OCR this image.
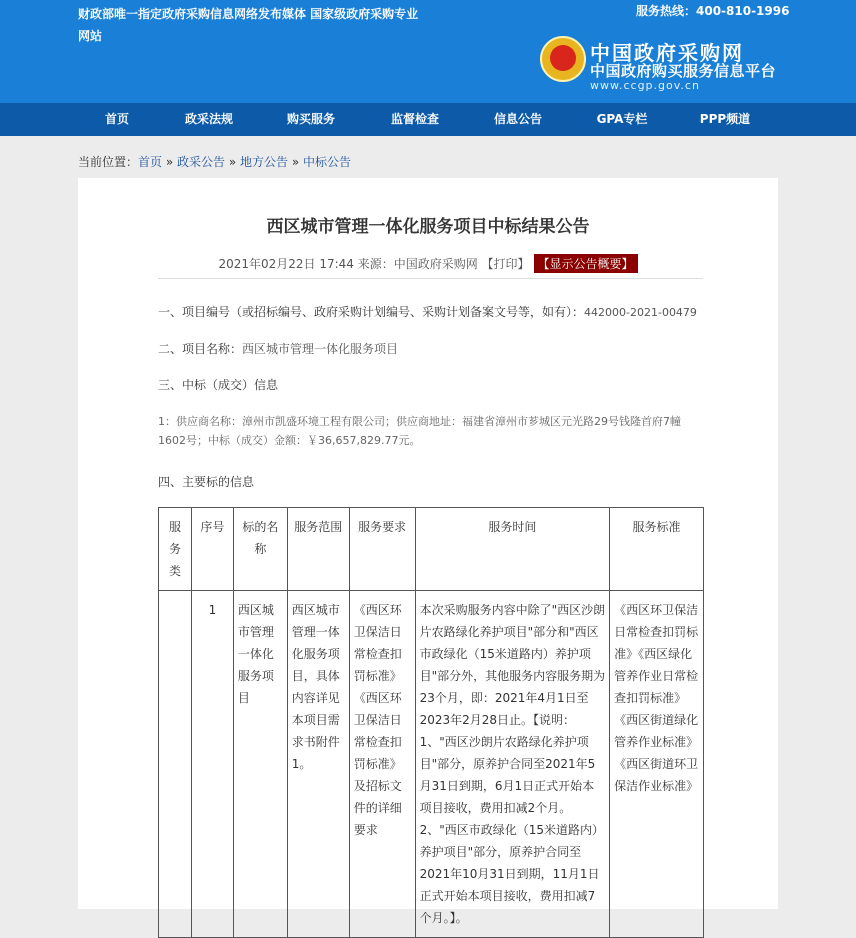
财政部唯一指定政府采购信息网络发布媒体 国家级政府采购专业网站
服务热线：400-810-1996
中国政府采购网
中国政府购买服务信息平台
www.ccgp.gov.cn
首页	政采法规	购买服务	监督检查	信息公告	GPA专栏	PPP频道
当前位置：首页 » 政采公告 » 地方公告 » 中标公告
西区城市管理一体化服务项目中标结果公告
2021年02月22日 17:44 来源：中国政府采购网 【打印】 【显示公告概要】
一、项目编号（或招标编号、政府采购计划编号、采购计划备案文号等，如有）：442000-2021-00479
二、项目名称：西区城市管理一体化服务项目
三、中标（成交）信息
1：供应商名称：漳州市凯盛环境工程有限公司；供应商地址：福建省漳州市芗城区元光路29号钱隆首府7幢1602号；中标（成交）金额：￥36,657,829.77元。
四、主要标的信息
服务类	序号	标的名称	服务范围	服务要求	服务时间	服务标准
	1	西区城市管理一体化服务项目	西区城市管理一体化服务项目，具体内容详见本项目需求书附件1。	《西区环卫保洁日常检查扣罚标准》《西区环卫保洁日常检查扣罚标准》及招标文件的详细要求	本次采购服务内容中除了"西区沙朗片农路绿化养护项目"部分和"西区市政绿化（15米道路内）养护项目"部分外，其他服务内容服务期为23个月，即：2021年4月1日至2023年2月28日止。【说明：1、"西区沙朗片农路绿化养护项目"部分，原养护合同至2021年5月31日到期，6月1日正式开始本项目接收，费用扣减2个月。2、"西区市政绿化（15米道路内）养护项目"部分，原养护合同至2021年10月31日到期，11月1日正式开始本项目接收，费用扣减7个月。】。	《西区环卫保洁日常检查扣罚标准》《西区绿化管养作业日常检查扣罚标准》《西区街道绿化管养作业标准》《西区街道环卫保洁作业标准》
